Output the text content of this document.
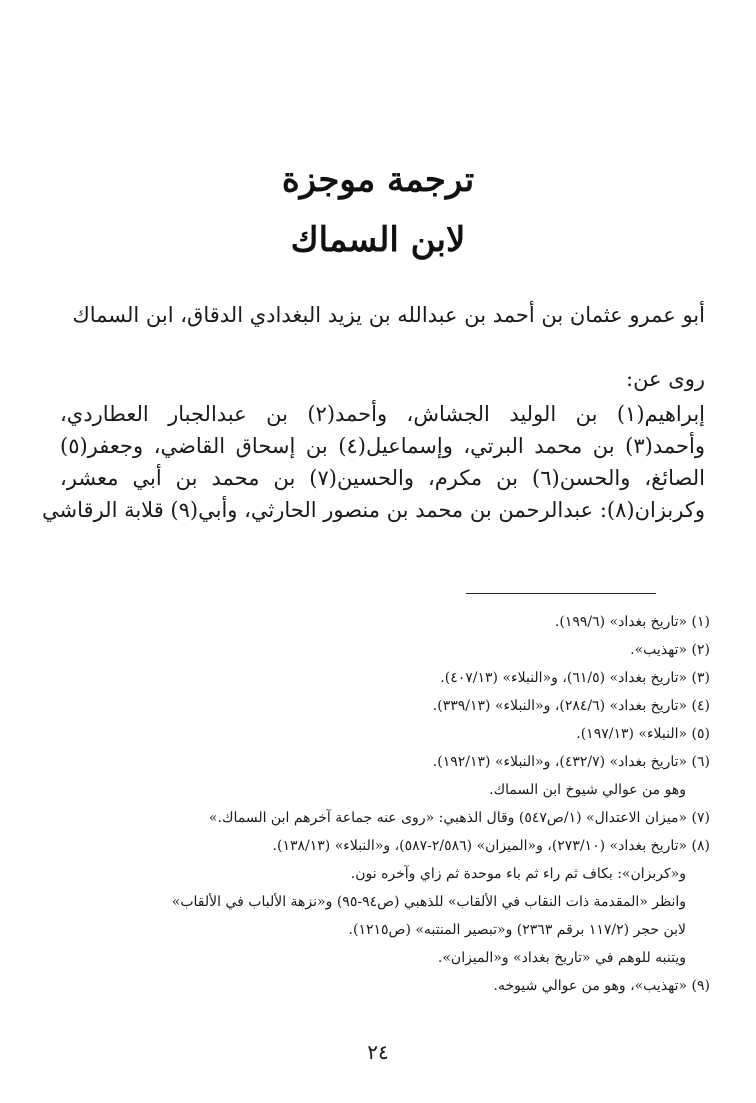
ترجمة موجزة
لابن السماك
أبو عمرو عثمان بن أحمد بن عبدالله بن يزيد البغدادي الدقاق، ابن السماك
روى عن:
إبراهيم(١) بن الوليد الجشاش، وأحمد(٢) بن عبدالجبار العطاردي،
وأحمد(٣) بن محمد البرتي، وإسماعيل(٤) بن إسحاق القاضي، وجعفر(٥)
الصائغ، والحسن(٦) بن مكرم، والحسين(٧) بن محمد بن أبي معشر،
وكربزان(٨): عبدالرحمن بن محمد بن منصور الحارثي، وأبي(٩) قلابة الرقاشي
(١) «تاريخ بغداد» (١٩٩/٦).
(٢) «تهذيب».
(٣) «تاريخ بغداد» (٦١/٥)، و«النبلاء» (٤٠٧/١٣).
(٤) «تاريخ بغداد» (٢٨٤/٦)، و«النبلاء» (٣٣٩/١٣).
(٥) «النبلاء» (١٩٧/١٣).
(٦) «تاريخ بغداد» (٤٣٢/٧)، و«النبلاء» (١٩٢/١٣).
وهو من عوالي شيوخ ابن السماك.
(٧) «ميزان الاعتدال» (١/ص٥٤٧) وقال الذهبي: «روى عنه جماعة آخرهم ابن السماك.»
(٨) «تاريخ بغداد» (٢٧٣/١٠)، و«الميزان» (٢/٥٨٦-٥٨٧)، و«النبلاء» (١٣٨/١٣).
و«كربزان»: بكاف ثم راء ثم باء موحدة ثم زاي وآخره نون.
وانظر «المقدمة ذات النقاب في الألقاب» للذهبي (ص٩٤-٩٥) و«نزهة الألباب في الألقاب»
لابن حجر (١١٧/٢ برقم ٢٣٦٣) و«تبصير المنتبه» (ص١٢١٥).
ويتنبه للوهم في «تاريخ بغداد» و«الميزان».
(٩) «تهذيب»، وهو من عوالي شيوخه.
٢٤
